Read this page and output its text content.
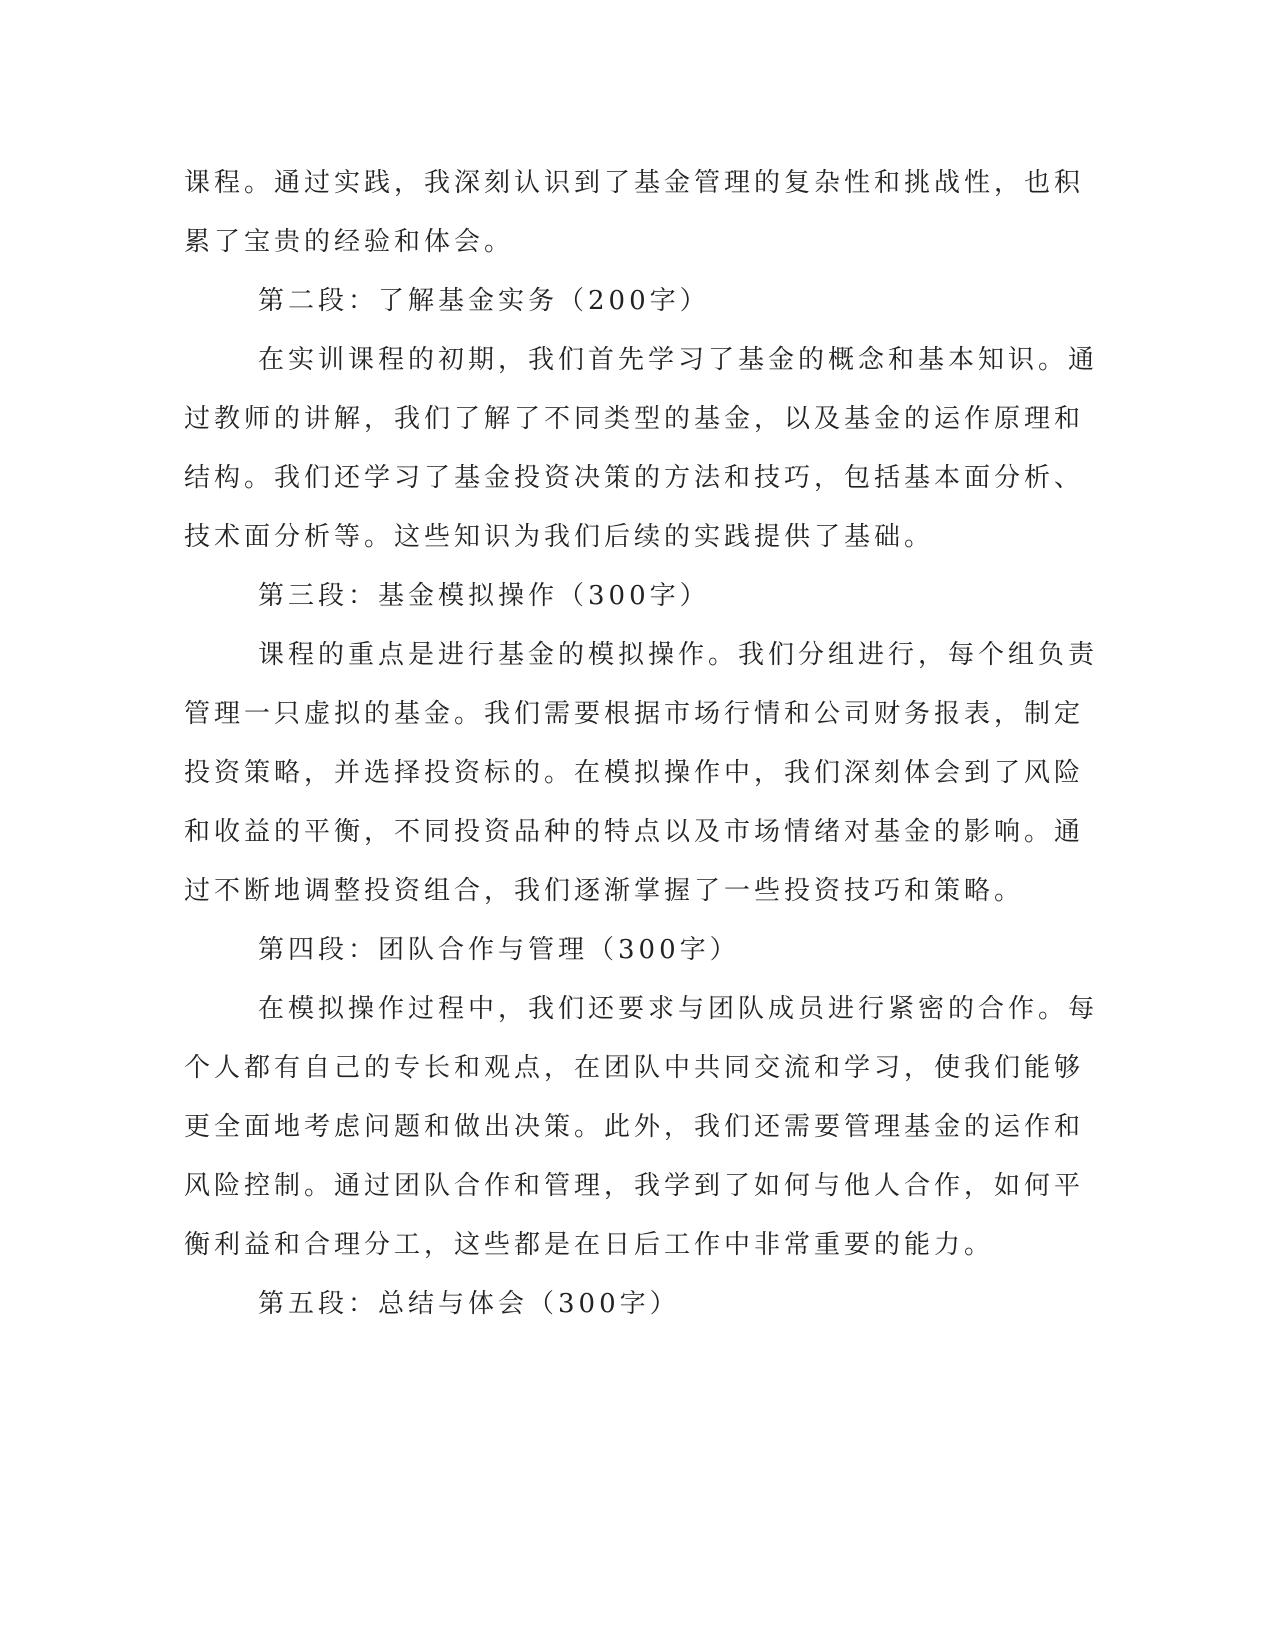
课程。通过实践，我深刻认识到了基金管理的复杂性和挑战性，也积
累了宝贵的经验和体会。
第二段：了解基金实务（200字）
在实训课程的初期，我们首先学习了基金的概念和基本知识。通
过教师的讲解，我们了解了不同类型的基金，以及基金的运作原理和
结构。我们还学习了基金投资决策的方法和技巧，包括基本面分析、
技术面分析等。这些知识为我们后续的实践提供了基础。
第三段：基金模拟操作（300字）
课程的重点是进行基金的模拟操作。我们分组进行，每个组负责
管理一只虚拟的基金。我们需要根据市场行情和公司财务报表，制定
投资策略，并选择投资标的。在模拟操作中，我们深刻体会到了风险
和收益的平衡，不同投资品种的特点以及市场情绪对基金的影响。通
过不断地调整投资组合，我们逐渐掌握了一些投资技巧和策略。
第四段：团队合作与管理（300字）
在模拟操作过程中，我们还要求与团队成员进行紧密的合作。每
个人都有自己的专长和观点，在团队中共同交流和学习，使我们能够
更全面地考虑问题和做出决策。此外，我们还需要管理基金的运作和
风险控制。通过团队合作和管理，我学到了如何与他人合作，如何平
衡利益和合理分工，这些都是在日后工作中非常重要的能力。
第五段：总结与体会（300字）
